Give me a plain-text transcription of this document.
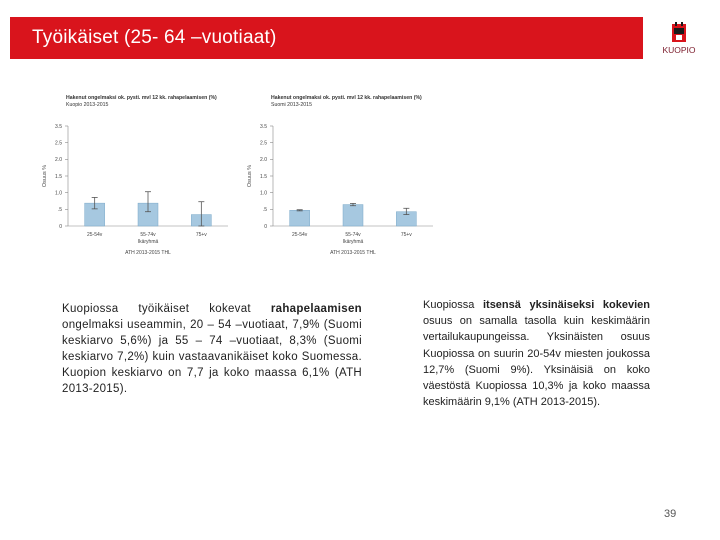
Työikäiset (25- 64 –vuotiaat)
KUOPIO
Hakenut ongelmaksi ok. pysti. mvl 12 kk. rahapelaamisen (%)
Kuopio 2013-2015
Osuus %
0
.5
1.0
1.5
2.0
2.5
3.5
25-54v	55-74v	75+v
Ikäryhmä
ATH 2013-2015 THL
Hakenut ongelmaksi ok. pysti. mvl 12 kk. rahapelaamisen (%)
Suomi 2013-2015
Osuus %
0
.5
1.0
1.5
2.0
2.5
3.5
25-54v	55-74v	75+v
Ikäryhmä
ATH 2013-2015 THL
Kuopiossa työikäiset kokevat rahapelaamisen ongelmaksi useammin, 20 – 54 –vuotiaat, 7,9% (Suomi keskiarvo 5,6%) ja 55 – 74 –vuotiaat, 8,3% (Suomi keskiarvo 7,2%) kuin vastaavanikäiset koko Suomessa. Kuopion keskiarvo on 7,7 ja koko maassa 6,1% (ATH 2013-2015).
Kuopiossa itsensä yksinäiseksi kokevien osuus on samalla tasolla kuin keskimäärin vertailukaupungeissa. Yksinäisten osuus Kuopiossa on suurin 20-54v miesten joukossa 12,7% (Suomi 9%). Yksinäisiä on koko väestöstä Kuopiossa 10,3% ja koko maassa keskimäärin 9,1% (ATH 2013-2015).
39
